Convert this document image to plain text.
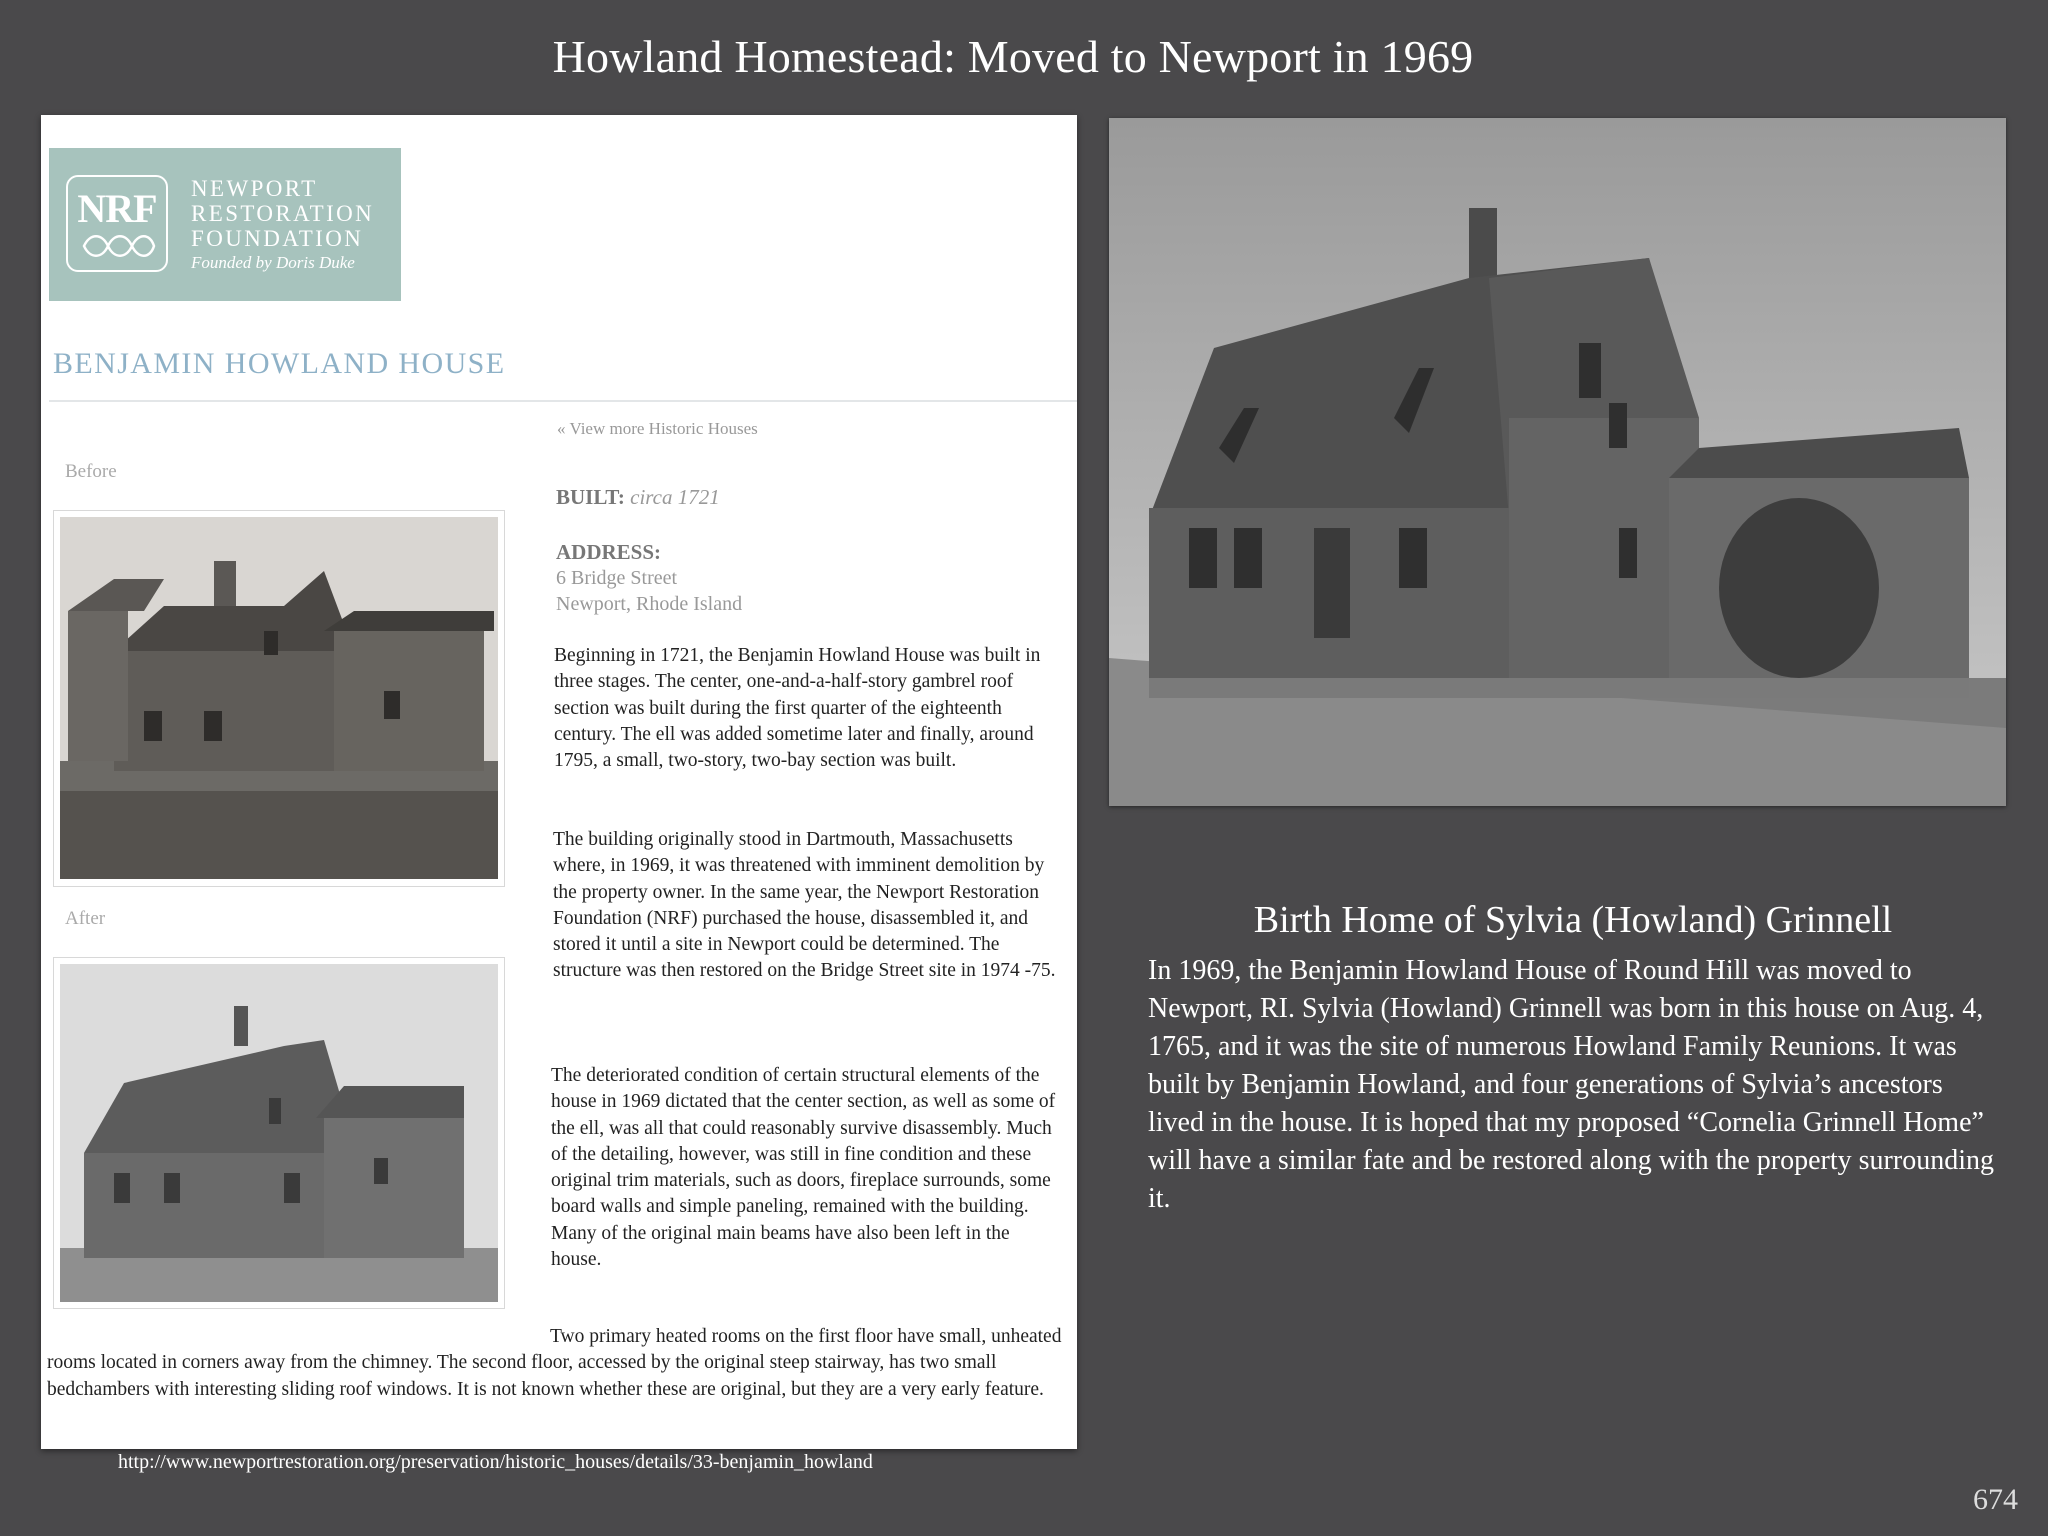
Howland Homestead: Moved to Newport in 1969
NRF	NEWPORT
RESTORATION
FOUNDATION
Founded by Doris Duke
BENJAMIN HOWLAND HOUSE
« View more Historic Houses
Before
After
BUILT: circa 1721
ADDRESS:
6 Bridge Street
Newport, Rhode Island
Beginning in 1721, the Benjamin Howland House was built in three stages. The center, one-and-a-half-story gambrel roof section was built during the first quarter of the eighteenth century. The ell was added sometime later and finally, around 1795, a small, two-story, two-bay section was built.
The building originally stood in Dartmouth, Massachusetts where, in 1969, it was threatened with imminent demolition by the property owner. In the same year, the Newport Restoration Foundation (NRF) purchased the house, disassembled it, and stored it until a site in Newport could be determined. The structure was then restored on the Bridge Street site in 1974 -75.
The deteriorated condition of certain structural elements of the house in 1969 dictated that the center section, as well as some of the ell, was all that could reasonably survive disassembly. Much of the detailing, however, was still in fine condition and these original trim materials, such as doors, fireplace surrounds, some board walls and simple paneling, remained with the building. Many of the original main beams have also been left in the house.
Two primary heated rooms on the first floor have small, unheated rooms located in corners away from the chimney. The second floor, accessed by the original steep stairway, has two small bedchambers with interesting sliding roof windows. It is not known whether these are original, but they are a very early feature.
Birth Home of Sylvia (Howland) Grinnell
In 1969, the Benjamin Howland House of Round Hill was moved to Newport, RI. Sylvia (Howland) Grinnell was born in this house on Aug. 4, 1765, and it was the site of numerous Howland Family Reunions. It was built by Benjamin Howland, and four generations of Sylvia’s ancestors lived in the house. It is hoped that my proposed “Cornelia Grinnell Home” will have a similar fate and be restored along with the property surrounding it.
http://www.newportrestoration.org/preservation/historic_houses/details/33-benjamin_howland
674
